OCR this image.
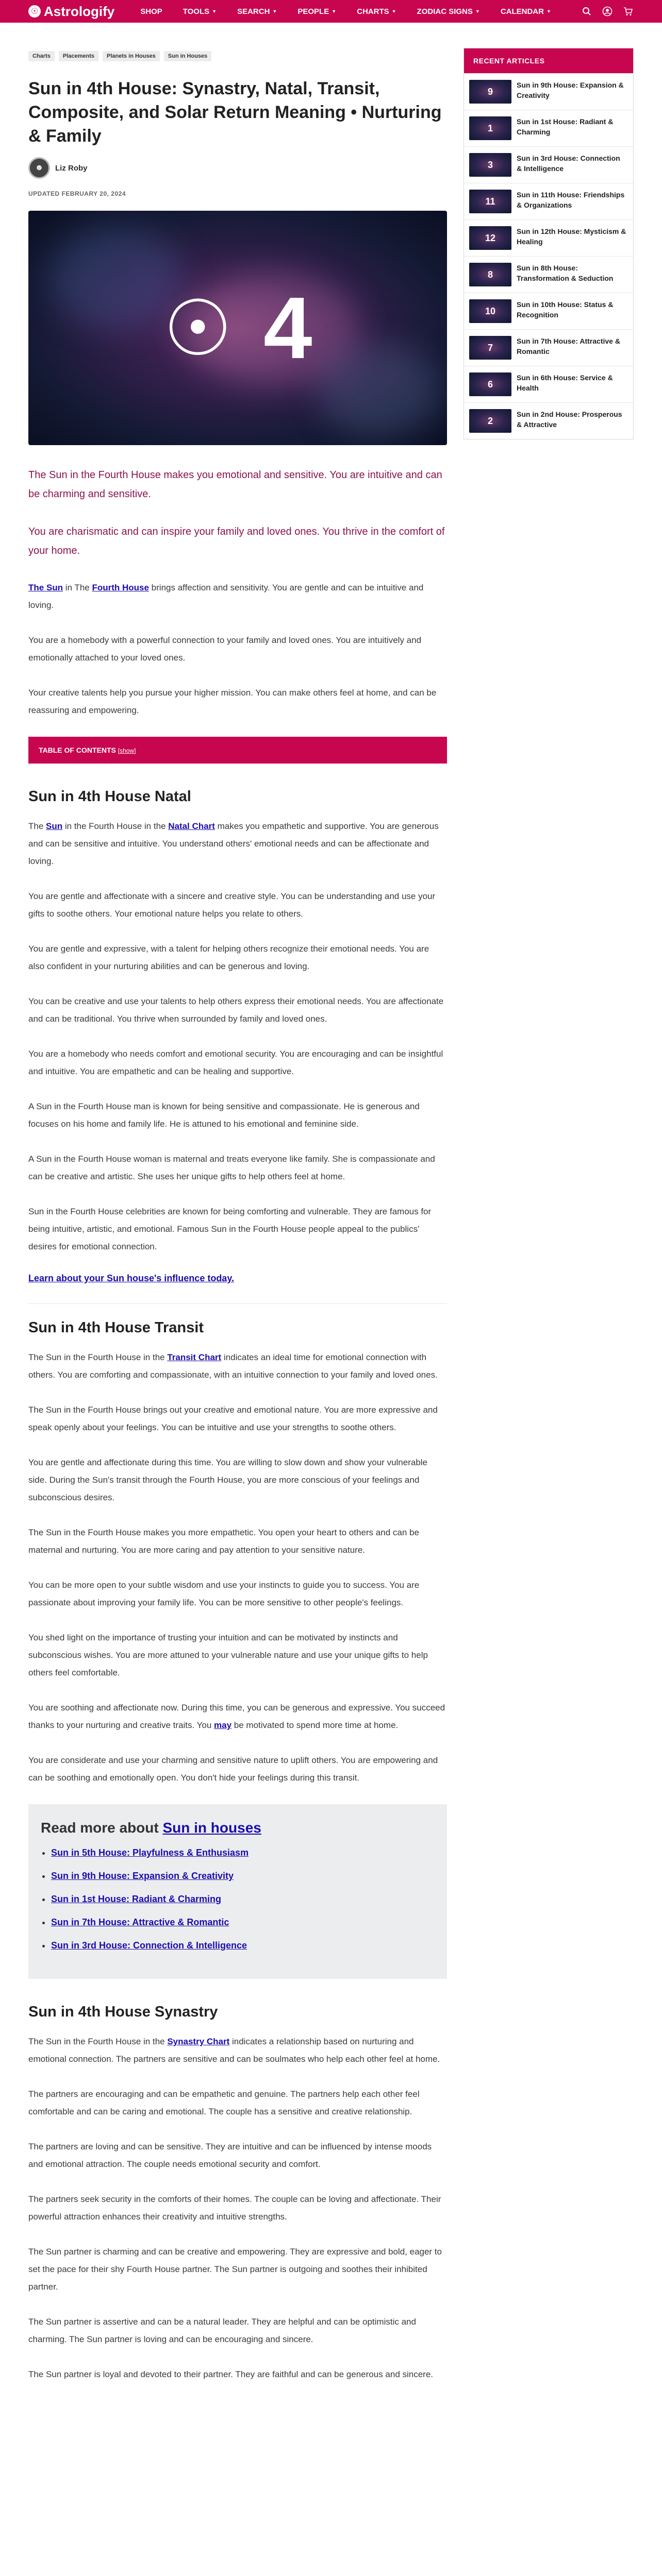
☉ Astrologify	SHOP	TOOLS ▼	SEARCH ▼	PEOPLE ▼	CHARTS ▼	ZODIAC SIGNS ▼	CALENDAR ▼
Charts	Placements	Planets in Houses	Sun in Houses
Sun in 4th House: Synastry, Natal, Transit, Composite, and Solar Return Meaning • Nurturing & Family
☻	Liz Roby
UPDATED FEBRUARY 20, 2024
☉ 4

The Sun in the Fourth House makes you emotional and sensitive. You are intuitive and can be charming and sensitive.

You are charismatic and can inspire your family and loved ones. You thrive in the comfort of your home.

The Sun in The Fourth House brings affection and sensitivity. You are gentle and can be intuitive and loving.

You are a homebody with a powerful connection to your family and loved ones. You are intuitively and emotionally attached to your loved ones.

Your creative talents help you pursue your higher mission. You can make others feel at home, and can be reassuring and empowering.

TABLE OF CONTENTS [show]
Sun in 4th House Natal

The Sun in the Fourth House in the Natal Chart makes you empathetic and supportive. You are generous and can be sensitive and intuitive. You understand others' emotional needs and can be affectionate and loving.

You are gentle and affectionate with a sincere and creative style. You can be understanding and use your gifts to soothe others. Your emotional nature helps you relate to others.

You are gentle and expressive, with a talent for helping others recognize their emotional needs. You are also confident in your nurturing abilities and can be generous and loving.

You can be creative and use your talents to help others express their emotional needs. You are affectionate and can be traditional. You thrive when surrounded by family and loved ones.

You are a homebody who needs comfort and emotional security. You are encouraging and can be insightful and intuitive. You are empathetic and can be healing and supportive.

A Sun in the Fourth House man is known for being sensitive and compassionate. He is generous and focuses on his home and family life. He is attuned to his emotional and feminine side.

A Sun in the Fourth House woman is maternal and treats everyone like family. She is compassionate and can be creative and artistic. She uses her unique gifts to help others feel at home.

Sun in the Fourth House celebrities are known for being comforting and vulnerable. They are famous for being intuitive, artistic, and emotional. Famous Sun in the Fourth House people appeal to the publics' desires for emotional connection.

Learn about your Sun house's influence today.
Sun in 4th House Transit

The Sun in the Fourth House in the Transit Chart indicates an ideal time for emotional connection with others. You are comforting and compassionate, with an intuitive connection to your family and loved ones.

The Sun in the Fourth House brings out your creative and emotional nature. You are more expressive and speak openly about your feelings. You can be intuitive and use your strengths to soothe others.

You are gentle and affectionate during this time. You are willing to slow down and show your vulnerable side. During the Sun's transit through the Fourth House, you are more conscious of your feelings and subconscious desires.

The Sun in the Fourth House makes you more empathetic. You open your heart to others and can be maternal and nurturing. You are more caring and pay attention to your sensitive nature.

You can be more open to your subtle wisdom and use your instincts to guide you to success. You are passionate about improving your family life. You can be more sensitive to other people's feelings.

You shed light on the importance of trusting your intuition and can be motivated by instincts and subconscious wishes. You are more attuned to your vulnerable nature and use your unique gifts to help others feel comfortable.

You are soothing and affectionate now. During this time, you can be generous and expressive. You succeed thanks to your nurturing and creative traits. You may be motivated to spend more time at home.

You are considerate and use your charming and sensitive nature to uplift others. You are empowering and can be soothing and emotionally open. You don't hide your feelings during this transit.

Read more about Sun in houses
• Sun in 5th House: Playfulness & Enthusiasm
• Sun in 9th House: Expansion & Creativity
• Sun in 1st House: Radiant & Charming
• Sun in 7th House: Attractive & Romantic
• Sun in 3rd House: Connection & Intelligence
Sun in 4th House Synastry

The Sun in the Fourth House in the Synastry Chart indicates a relationship based on nurturing and emotional connection. The partners are sensitive and can be soulmates who help each other feel at home.

The partners are encouraging and can be empathetic and genuine. The partners help each other feel comfortable and can be caring and emotional. The couple has a sensitive and creative relationship.

The partners are loving and can be sensitive. They are intuitive and can be influenced by intense moods and emotional attraction. The couple needs emotional security and comfort.

The partners seek security in the comforts of their homes. The couple can be loving and affectionate. Their powerful attraction enhances their creativity and intuitive strengths.

The Sun partner is charming and can be creative and empowering. They are expressive and bold, eager to set the pace for their shy Fourth House partner. The Sun partner is outgoing and soothes their inhibited partner.

The Sun partner is assertive and can be a natural leader. They are helpful and can be optimistic and charming. The Sun partner is loving and can be encouraging and sincere.

The Sun partner is loyal and devoted to their partner. They are faithful and can be generous and sincere.

RECENT ARTICLES
9
Sun in 9th House: Expansion & Creativity
1
Sun in 1st House: Radiant & Charming
3
Sun in 3rd House: Connection & Intelligence
11
Sun in 11th House: Friendships & Organizations
12
Sun in 12th House: Mysticism & Healing
8
Sun in 8th House: Transformation & Seduction
10
Sun in 10th House: Status & Recognition
7
Sun in 7th House: Attractive & Romantic
6
Sun in 6th House: Service & Health
2
Sun in 2nd House: Prosperous & Attractive
